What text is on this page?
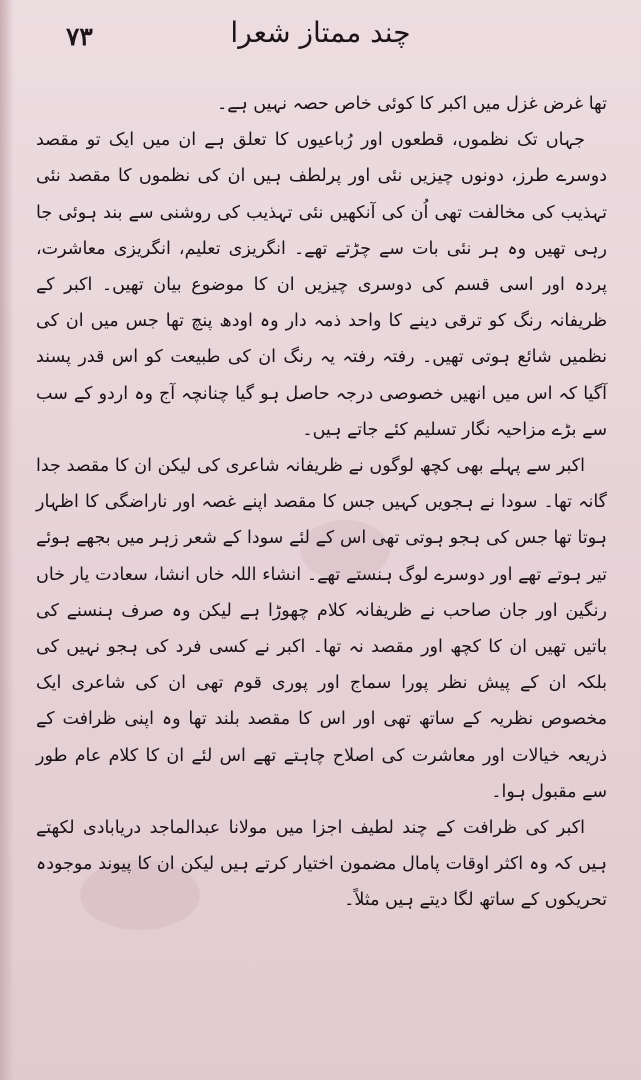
چند ممتاز شعرا
۷۳

تھا غرض غزل میں اکبر کا کوئی خاص حصہ نہیں ہے۔

جہاں تک نظموں، قطعوں اور رُباعیوں کا تعلق ہے ان میں ایک تو مقصد دوسرے طرز، دونوں چیزیں نئی اور پرلطف ہیں ان کی نظموں کا مقصد نئی تہذیب کی مخالفت تھی اُن کی آنکھیں نئی تہذیب کی روشنی سے بند ہوئی جا رہی تھیں وہ ہر نئی بات سے چڑتے تھے۔ انگریزی تعلیم، انگریزی معاشرت، پردہ اور اسی قسم کی دوسری چیزیں ان کا موضوع بیان تھیں۔ اکبر کے ظریفانہ رنگ کو ترقی دینے کا واحد ذمہ دار وہ اودھ پنچ تھا جس میں ان کی نظمیں شائع ہوتی تھیں۔ رفتہ رفتہ یہ رنگ ان کی طبیعت کو اس قدر پسند آگیا کہ اس میں انھیں خصوصی درجہ حاصل ہو گیا چنانچہ آج وہ اردو کے سب سے بڑے مزاحیہ نگار تسلیم کئے جاتے ہیں۔

اکبر سے پہلے بھی کچھ لوگوں نے ظریفانہ شاعری کی لیکن ان کا مقصد جدا گانہ تھا۔ سودا نے ہجویں کہیں جس کا مقصد اپنے غصہ اور ناراضگی کا اظہار ہوتا تھا جس کی ہجو ہوتی تھی اس کے لئے سودا کے شعر زہر میں بجھے ہوئے تیر ہوتے تھے اور دوسرے لوگ ہنستے تھے۔ انشاء اللہ خاں انشا، سعادت یار خاں رنگین اور جان صاحب نے ظریفانہ کلام چھوڑا ہے لیکن وہ صرف ہنسنے کی باتیں تھیں ان کا کچھ اور مقصد نہ تھا۔ اکبر نے کسی فرد کی ہجو نہیں کی بلکہ ان کے پیش نظر پورا سماج اور پوری قوم تھی ان کی شاعری ایک مخصوص نظریہ کے ساتھ تھی اور اس کا مقصد بلند تھا وہ اپنی ظرافت کے ذریعہ خیالات اور معاشرت کی اصلاح چاہتے تھے اس لئے ان کا کلام عام طور سے مقبول ہوا۔

اکبر کی ظرافت کے چند لطیف اجزا میں مولانا عبدالماجد دریابادی لکھتے ہیں کہ وہ اکثر اوقات پامال مضمون اختیار کرتے ہیں لیکن ان کا پیوند موجودہ تحریکوں کے ساتھ لگا دیتے ہیں مثلاً۔
